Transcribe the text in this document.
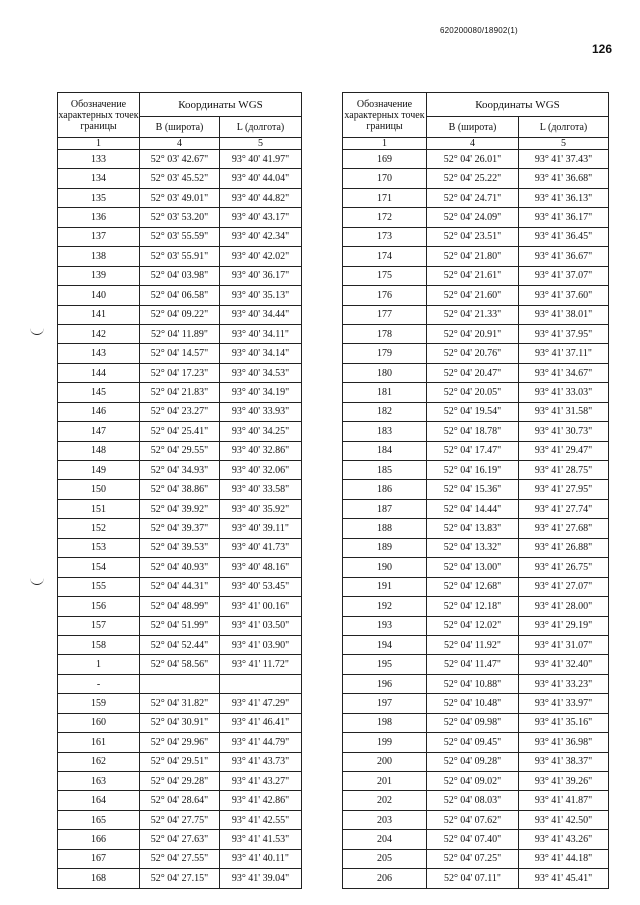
620200080/18902(1)
126
Обозначение характерных точек границы	Координаты WGS	
	В (широта)	L (долгота)
1	4	5
133	52° 03' 42.67"	93° 40' 41.97"
134	52° 03' 45.52"	93° 40' 44.04"
135	52° 03' 49.01"	93° 40' 44.82"
136	52° 03' 53.20"	93° 40' 43.17"
137	52° 03' 55.59"	93° 40' 42.34"
138	52° 03' 55.91"	93° 40' 42.02"
139	52° 04' 03.98"	93° 40' 36.17"
140	52° 04' 06.58"	93° 40' 35.13"
141	52° 04' 09.22"	93° 40' 34.44"
142	52° 04' 11.89"	93° 40' 34.11"
143	52° 04' 14.57"	93° 40' 34.14"
144	52° 04' 17.23"	93° 40' 34.53"
145	52° 04' 21.83"	93° 40' 34.19"
146	52° 04' 23.27"	93° 40' 33.93"
147	52° 04' 25.41"	93° 40' 34.25"
148	52° 04' 29.55"	93° 40' 32.86"
149	52° 04' 34.93"	93° 40' 32.06"
150	52° 04' 38.86"	93° 40' 33.58"
151	52° 04' 39.92"	93° 40' 35.92"
152	52° 04' 39.37"	93° 40' 39.11"
153	52° 04' 39.53"	93° 40' 41.73"
154	52° 04' 40.93"	93° 40' 48.16"
155	52° 04' 44.31"	93° 40' 53.45"
156	52° 04' 48.99"	93° 41' 00.16"
157	52° 04' 51.99"	93° 41' 03.50"
158	52° 04' 52.44"	93° 41' 03.90"
1	52° 04' 58.56"	93° 41' 11.72"
-		
159	52° 04' 31.82"	93° 41' 47.29"
160	52° 04' 30.91"	93° 41' 46.41"
161	52° 04' 29.96"	93° 41' 44.79"
162	52° 04' 29.51"	93° 41' 43.73"
163	52° 04' 29.28"	93° 41' 43.27"
164	52° 04' 28.64"	93° 41' 42.86"
165	52° 04' 27.75"	93° 41' 42.55"
166	52° 04' 27.63"	93° 41' 41.53"
167	52° 04' 27.55"	93° 41' 40.11"
168	52° 04' 27.15"	93° 41' 39.04"
Обозначение характерных точек границы	Координаты WGS	
	В (широта)	L (долгота)
1	4	5
169	52° 04' 26.01"	93° 41' 37.43"
170	52° 04' 25.22"	93° 41' 36.68"
171	52° 04' 24.71"	93° 41' 36.13"
172	52° 04' 24.09"	93° 41' 36.17"
173	52° 04' 23.51"	93° 41' 36.45"
174	52° 04' 21.80"	93° 41' 36.67"
175	52° 04' 21.61"	93° 41' 37.07"
176	52° 04' 21.60"	93° 41' 37.60"
177	52° 04' 21.33"	93° 41' 38.01"
178	52° 04' 20.91"	93° 41' 37.95"
179	52° 04' 20.76"	93° 41' 37.11"
180	52° 04' 20.47"	93° 41' 34.67"
181	52° 04' 20.05"	93° 41' 33.03"
182	52° 04' 19.54"	93° 41' 31.58"
183	52° 04' 18.78"	93° 41' 30.73"
184	52° 04' 17.47"	93° 41' 29.47"
185	52° 04' 16.19"	93° 41' 28.75"
186	52° 04' 15.36"	93° 41' 27.95"
187	52° 04' 14.44"	93° 41' 27.74"
188	52° 04' 13.83"	93° 41' 27.68"
189	52° 04' 13.32"	93° 41' 26.88"
190	52° 04' 13.00"	93° 41' 26.75"
191	52° 04' 12.68"	93° 41' 27.07"
192	52° 04' 12.18"	93° 41' 28.00"
193	52° 04' 12.02"	93° 41' 29.19"
194	52° 04' 11.92"	93° 41' 31.07"
195	52° 04' 11.47"	93° 41' 32.40"
196	52° 04' 10.88"	93° 41' 33.23"
197	52° 04' 10.48"	93° 41' 33.97"
198	52° 04' 09.98"	93° 41' 35.16"
199	52° 04' 09.45"	93° 41' 36.98"
200	52° 04' 09.28"	93° 41' 38.37"
201	52° 04' 09.02"	93° 41' 39.26"
202	52° 04' 08.03"	93° 41' 41.87"
203	52° 04' 07.62"	93° 41' 42.50"
204	52° 04' 07.40"	93° 41' 43.26"
205	52° 04' 07.25"	93° 41' 44.18"
206	52° 04' 07.11"	93° 41' 45.41"
